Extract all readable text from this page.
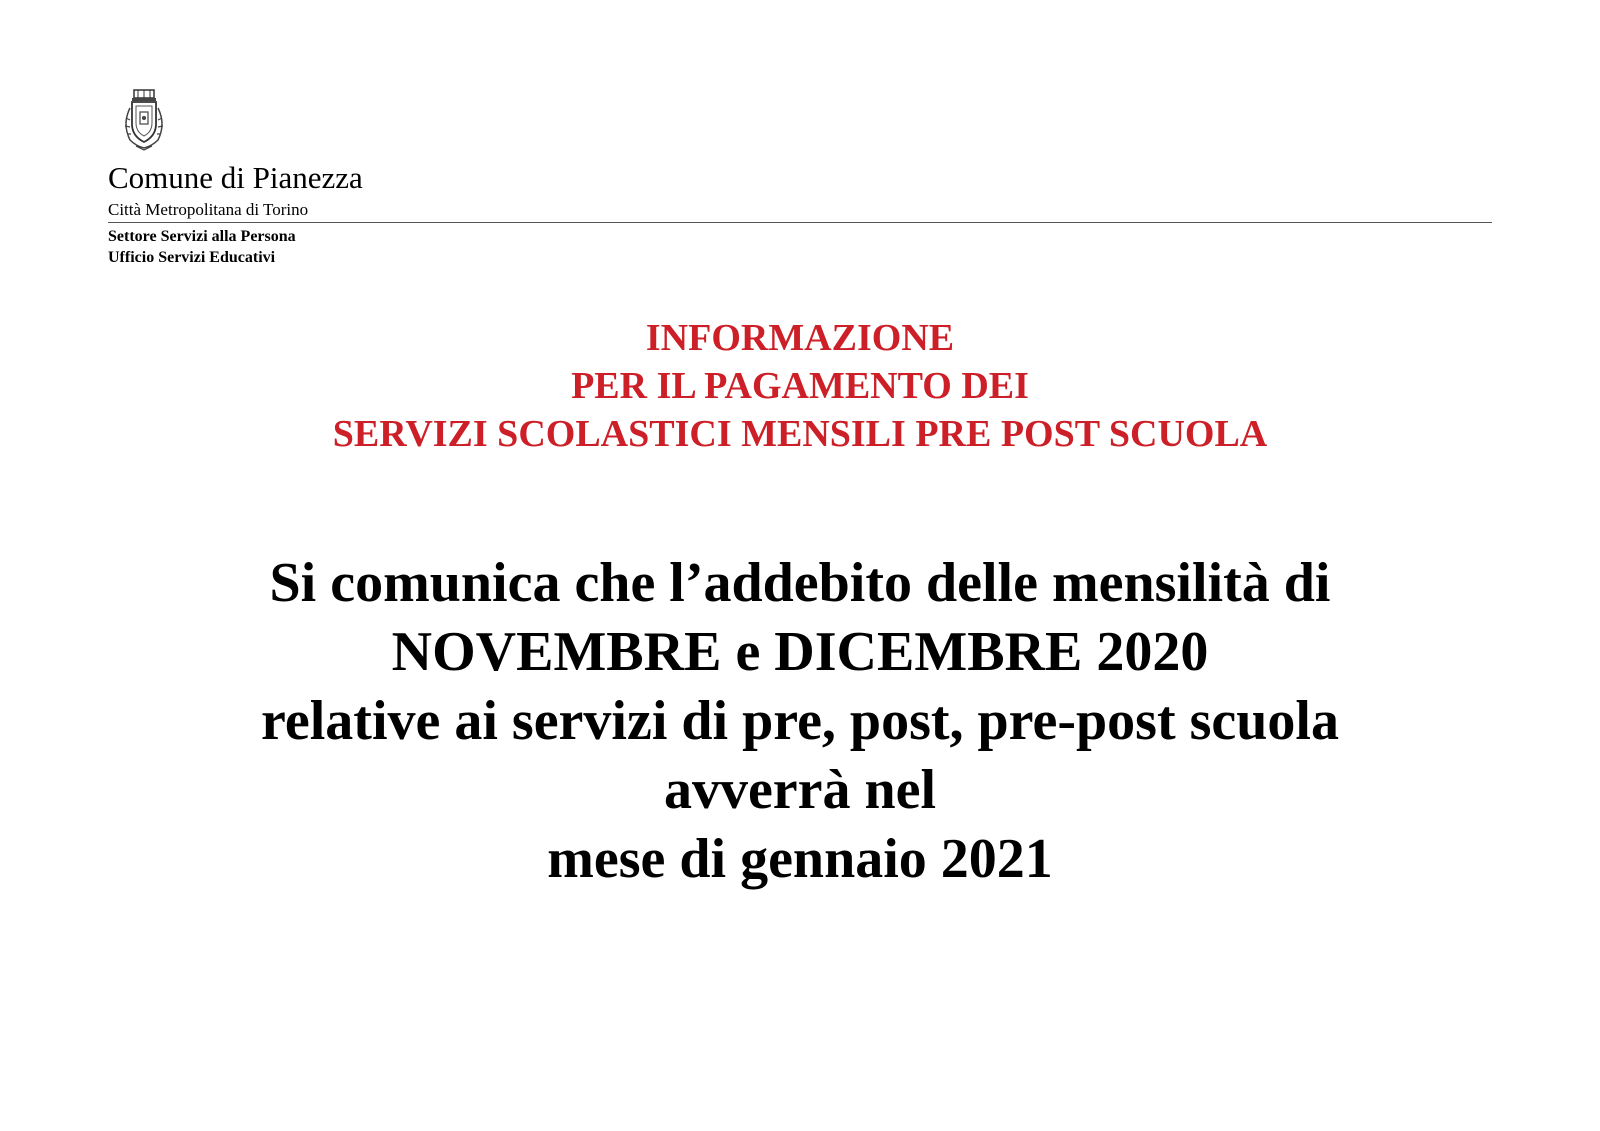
Comune di Pianezza
Città Metropolitana di Torino
Settore Servizi alla Persona
Ufficio Servizi Educativi
INFORMAZIONE
PER IL PAGAMENTO DEI
SERVIZI SCOLASTICI MENSILI PRE POST SCUOLA
Si comunica che l’addebito delle mensilità di
NOVEMBRE e DICEMBRE 2020
relative ai servizi di pre, post, pre-post scuola
avverrà nel
mese di gennaio 2021
